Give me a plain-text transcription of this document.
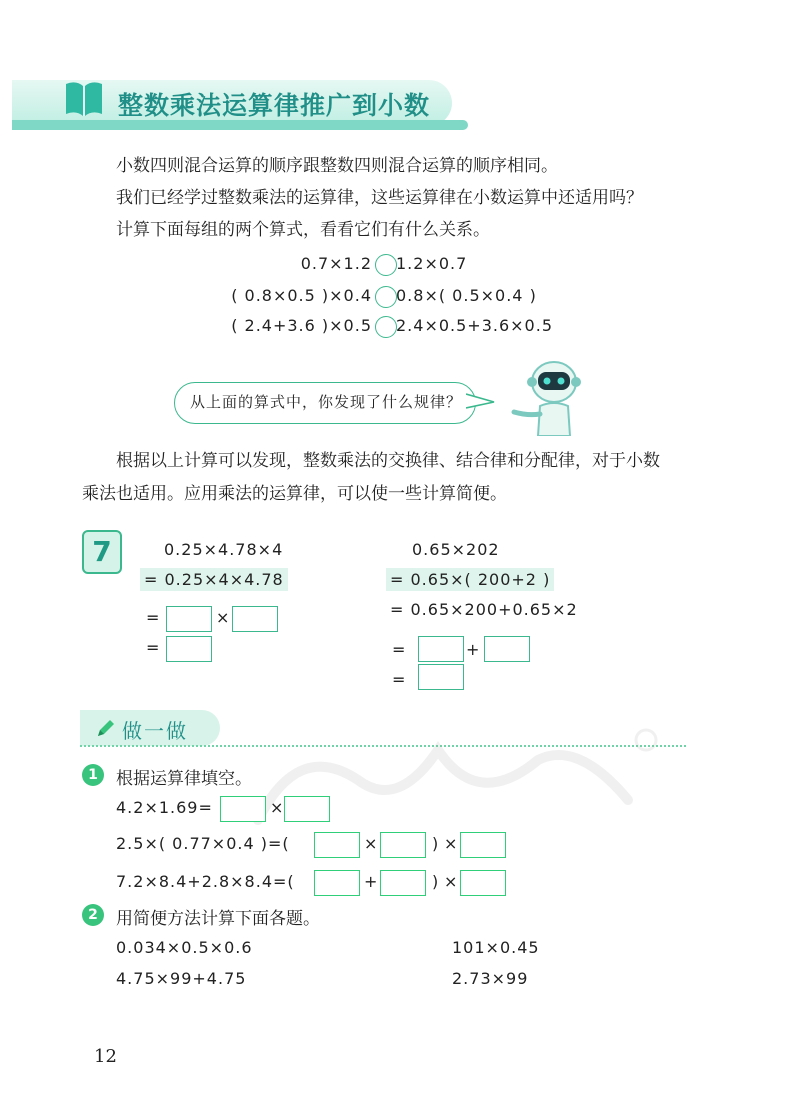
整数乘法运算律推广到小数
小数四则混合运算的顺序跟整数四则混合运算的顺序相同。
我们已经学过整数乘法的运算律，这些运算律在小数运算中还适用吗？
计算下面每组的两个算式，看看它们有什么关系。
0.7×1.2 1.2×0.7
( 0.8×0.5 )×0.4 0.8×( 0.5×0.4 )
( 2.4+3.6 )×0.5 2.4×0.5+3.6×0.5
从上面的算式中，你发现了什么规律？
根据以上计算可以发现，整数乘法的交换律、结合律和分配律，对于小数
乘法也适用。应用乘法的运算律，可以使一些计算简便。
7	0.25×4.78×4
= 0.25×4×4.78
=	×
=
0.65×202
= 0.65×( 200+2 )
= 0.65×200+0.65×2
=	+
=
做一做
1	根据运算律填空。
4.2×1.69=	×
2.5×( 0.77×0.4 )=(	×	) ×
7.2×8.4+2.8×8.4=(	+	) ×
2	用简便方法计算下面各题。
0.034×0.5×0.6	101×0.45
4.75×99+4.75	2.73×99
12
